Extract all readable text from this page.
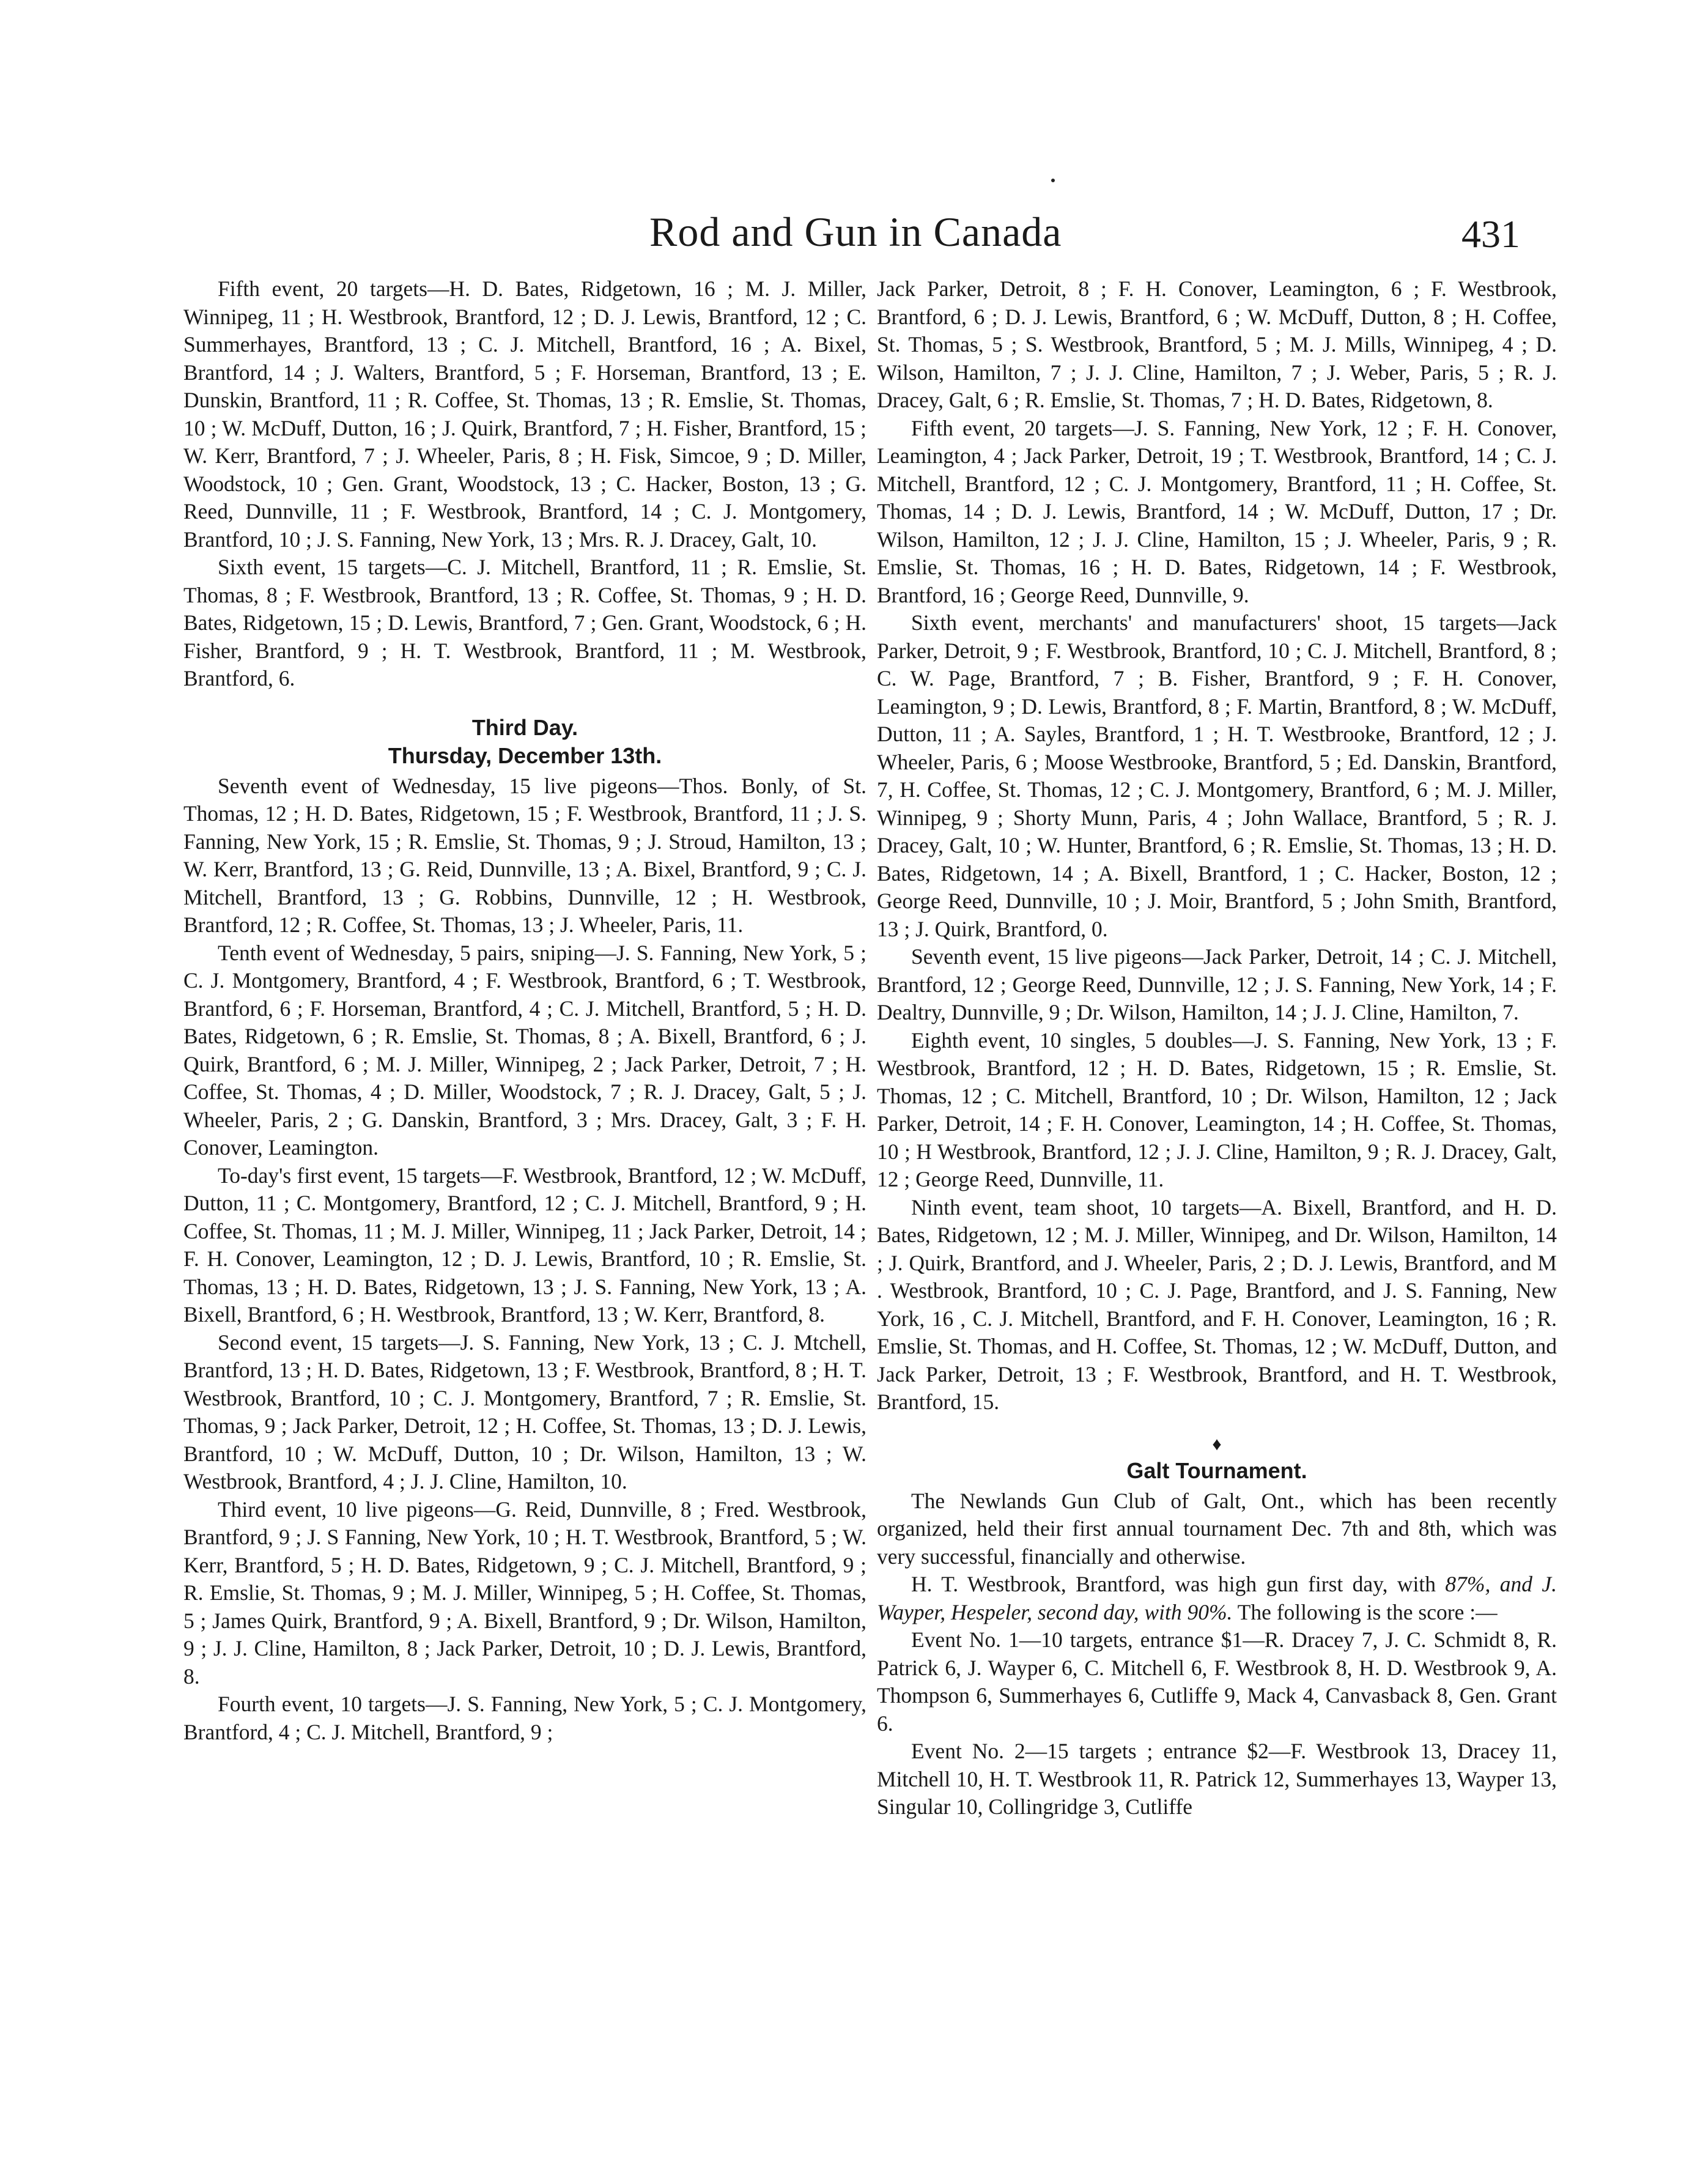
Rod and Gun in Canada	431

Fifth event, 20 targets—H. D. Bates, Ridgetown, 16 ; M. J. Miller, Winnipeg, 11 ; H. Westbrook, Brantford, 12 ; D. J. Lewis, Brantford, 12 ; C. Summerhayes, Brantford, 13 ; C. J. Mitchell, Brantford, 16 ; A. Bixel, Brantford, 14 ; J. Walters, Brantford, 5 ; F. Horseman, Brantford, 13 ; E. Dunskin, Brantford, 11 ; R. Coffee, St. Thomas, 13 ; R. Emslie, St. Thomas, 10 ; W. McDuff, Dutton, 16 ; J. Quirk, Brantford, 7 ; H. Fisher, Brantford, 15 ; W. Kerr, Brantford, 7 ; J. Wheeler, Paris, 8 ; H. Fisk, Simcoe, 9 ; D. Miller, Woodstock, 10 ; Gen. Grant, Woodstock, 13 ; C. Hacker, Boston, 13 ; G. Reed, Dunnville, 11 ; F. Westbrook, Brantford, 14 ; C. J. Montgomery, Brantford, 10 ; J. S. Fanning, New York, 13 ; Mrs. R. J. Dracey, Galt, 10.

Sixth event, 15 targets—C. J. Mitchell, Brantford, 11 ; R. Emslie, St. Thomas, 8 ; F. Westbrook, Brantford, 13 ; R. Coffee, St. Thomas, 9 ; H. D. Bates, Ridgetown, 15 ; D. Lewis, Brantford, 7 ; Gen. Grant, Woodstock, 6 ; H. Fisher, Brantford, 9 ; H. T. Westbrook, Brantford, 11 ; M. Westbrook, Brantford, 6.

Third Day.
Thursday, December 13th.

Seventh event of Wednesday, 15 live pigeons—Thos. Bonly, of St. Thomas, 12 ; H. D. Bates, Ridgetown, 15 ; F. Westbrook, Brantford, 11 ; J. S. Fanning, New York, 15 ; R. Emslie, St. Thomas, 9 ; J. Stroud, Hamilton, 13 ; W. Kerr, Brantford, 13 ; G. Reid, Dunnville, 13 ; A. Bixel, Brantford, 9 ; C. J. Mitchell, Brantford, 13 ; G. Robbins, Dunnville, 12 ; H. Westbrook, Brantford, 12 ; R. Coffee, St. Thomas, 13 ; J. Wheeler, Paris, 11.

Tenth event of Wednesday, 5 pairs, sniping—J. S. Fanning, New York, 5 ; C. J. Montgomery, Brantford, 4 ; F. Westbrook, Brantford, 6 ; T. Westbrook, Brantford, 6 ; F. Horseman, Brantford, 4 ; C. J. Mitchell, Brantford, 5 ; H. D. Bates, Ridgetown, 6 ; R. Emslie, St. Thomas, 8 ; A. Bixell, Brantford, 6 ; J. Quirk, Brantford, 6 ; M. J. Miller, Winnipeg, 2 ; Jack Parker, Detroit, 7 ; H. Coffee, St. Thomas, 4 ; D. Miller, Woodstock, 7 ; R. J. Dracey, Galt, 5 ; J. Wheeler, Paris, 2 ; G. Danskin, Brantford, 3 ; Mrs. Dracey, Galt, 3 ; F. H. Conover, Leamington.

To-day's first event, 15 targets—F. Westbrook, Brantford, 12 ; W. McDuff, Dutton, 11 ; C. Montgomery, Brantford, 12 ; C. J. Mitchell, Brantford, 9 ; H. Coffee, St. Thomas, 11 ; M. J. Miller, Winnipeg, 11 ; Jack Parker, Detroit, 14 ; F. H. Conover, Leamington, 12 ; D. J. Lewis, Brantford, 10 ; R. Emslie, St. Thomas, 13 ; H. D. Bates, Ridgetown, 13 ; J. S. Fanning, New York, 13 ; A. Bixell, Brantford, 6 ; H. Westbrook, Brantford, 13 ; W. Kerr, Brantford, 8.

Second event, 15 targets—J. S. Fanning, New York, 13 ; C. J. Mtchell, Brantford, 13 ; H. D. Bates, Ridgetown, 13 ; F. Westbrook, Brantford, 8 ; H. T. Westbrook, Brantford, 10 ; C. J. Montgomery, Brantford, 7 ; R. Emslie, St. Thomas, 9 ; Jack Parker, Detroit, 12 ; H. Coffee, St. Thomas, 13 ; D. J. Lewis, Brantford, 10 ; W. McDuff, Dutton, 10 ; Dr. Wilson, Hamilton, 13 ; W. Westbrook, Brantford, 4 ; J. J. Cline, Hamilton, 10.

Third event, 10 live pigeons—G. Reid, Dunnville, 8 ; Fred. Westbrook, Brantford, 9 ; J. S Fanning, New York, 10 ; H. T. Westbrook, Brantford, 5 ; W. Kerr, Brantford, 5 ; H. D. Bates, Ridgetown, 9 ; C. J. Mitchell, Brantford, 9 ; R. Emslie, St. Thomas, 9 ; M. J. Miller, Winnipeg, 5 ; H. Coffee, St. Thomas, 5 ; James Quirk, Brantford, 9 ; A. Bixell, Brantford, 9 ; Dr. Wilson, Hamilton, 9 ; J. J. Cline, Hamilton, 8 ; Jack Parker, Detroit, 10 ; D. J. Lewis, Brantford, 8.

Fourth event, 10 targets—J. S. Fanning, New York, 5 ; C. J. Montgomery, Brantford, 4 ; C. J. Mitchell, Brantford, 9 ;

Jack Parker, Detroit, 8 ; F. H. Conover, Leamington, 6 ; F. Westbrook, Brantford, 6 ; D. J. Lewis, Brantford, 6 ; W. McDuff, Dutton, 8 ; H. Coffee, St. Thomas, 5 ; S. Westbrook, Brantford, 5 ; M. J. Mills, Winnipeg, 4 ; D. Wilson, Hamilton, 7 ; J. J. Cline, Hamilton, 7 ; J. Weber, Paris, 5 ; R. J. Dracey, Galt, 6 ; R. Emslie, St. Thomas, 7 ; H. D. Bates, Ridgetown, 8.

Fifth event, 20 targets—J. S. Fanning, New York, 12 ; F. H. Conover, Leamington, 4 ; Jack Parker, Detroit, 19 ; T. Westbrook, Brantford, 14 ; C. J. Mitchell, Brantford, 12 ; C. J. Montgomery, Brantford, 11 ; H. Coffee, St. Thomas, 14 ; D. J. Lewis, Brantford, 14 ; W. McDuff, Dutton, 17 ; Dr. Wilson, Hamilton, 12 ; J. J. Cline, Hamilton, 15 ; J. Wheeler, Paris, 9 ; R. Emslie, St. Thomas, 16 ; H. D. Bates, Ridgetown, 14 ; F. Westbrook, Brantford, 16 ; George Reed, Dunnville, 9.

Sixth event, merchants' and manufacturers' shoot, 15 targets—Jack Parker, Detroit, 9 ; F. Westbrook, Brantford, 10 ; C. J. Mitchell, Brantford, 8 ; C. W. Page, Brantford, 7 ; B. Fisher, Brantford, 9 ; F. H. Conover, Leamington, 9 ; D. Lewis, Brantford, 8 ; F. Martin, Brantford, 8 ; W. McDuff, Dutton, 11 ; A. Sayles, Brantford, 1 ; H. T. Westbrooke, Brantford, 12 ; J. Wheeler, Paris, 6 ; Moose Westbrooke, Brantford, 5 ; Ed. Danskin, Brantford, 7, H. Coffee, St. Thomas, 12 ; C. J. Montgomery, Brantford, 6 ; M. J. Miller, Winnipeg, 9 ; Shorty Munn, Paris, 4 ; John Wallace, Brantford, 5 ; R. J. Dracey, Galt, 10 ; W. Hunter, Brantford, 6 ; R. Emslie, St. Thomas, 13 ; H. D. Bates, Ridgetown, 14 ; A. Bixell, Brantford, 1 ; C. Hacker, Boston, 12 ; George Reed, Dunnville, 10 ; J. Moir, Brantford, 5 ; John Smith, Brantford, 13 ; J. Quirk, Brantford, 0.

Seventh event, 15 live pigeons—Jack Parker, Detroit, 14 ; C. J. Mitchell, Brantford, 12 ; George Reed, Dunnville, 12 ; J. S. Fanning, New York, 14 ; F. Dealtry, Dunnville, 9 ; Dr. Wilson, Hamilton, 14 ; J. J. Cline, Hamilton, 7.

Eighth event, 10 singles, 5 doubles—J. S. Fanning, New York, 13 ; F. Westbrook, Brantford, 12 ; H. D. Bates, Ridgetown, 15 ; R. Emslie, St. Thomas, 12 ; C. Mitchell, Brantford, 10 ; Dr. Wilson, Hamilton, 12 ; Jack Parker, Detroit, 14 ; F. H. Conover, Leamington, 14 ; H. Coffee, St. Thomas, 10 ; H Westbrook, Brantford, 12 ; J. J. Cline, Hamilton, 9 ; R. J. Dracey, Galt, 12 ; George Reed, Dunnville, 11.

Ninth event, team shoot, 10 targets—A. Bixell, Brantford, and H. D. Bates, Ridgetown, 12 ; M. J. Miller, Winnipeg, and Dr. Wilson, Hamilton, 14 ; J. Quirk, Brantford, and J. Wheeler, Paris, 2 ; D. J. Lewis, Brantford, and M . Westbrook, Brantford, 10 ; C. J. Page, Brantford, and J. S. Fanning, New York, 16 , C. J. Mitchell, Brantford, and F. H. Conover, Leamington, 16 ; R. Emslie, St. Thomas, and H. Coffee, St. Thomas, 12 ; W. McDuff, Dutton, and Jack Parker, Detroit, 13 ; F. Westbrook, Brantford, and H. T. Westbrook, Brantford, 15.

♦
Galt Tournament.

The Newlands Gun Club of Galt, Ont., which has been recently organized, held their first annual tournament Dec. 7th and 8th, which was very successful, financially and otherwise.

H. T. Westbrook, Brantford, was high gun first day, with 87%, and J. Wayper, Hespeler, second day, with 90%. The following is the score :—

Event No. 1—10 targets, entrance $1—R. Dracey 7, J. C. Schmidt 8, R. Patrick 6, J. Wayper 6, C. Mitchell 6, F. Westbrook 8, H. D. Westbrook 9, A. Thompson 6, Summerhayes 6, Cutliffe 9, Mack 4, Canvasback 8, Gen. Grant 6.

Event No. 2—15 targets ; entrance $2—F. Westbrook 13, Dracey 11, Mitchell 10, H. T. Westbrook 11, R. Patrick 12, Summerhayes 13, Wayper 13, Singular 10, Collingridge 3, Cutliffe
